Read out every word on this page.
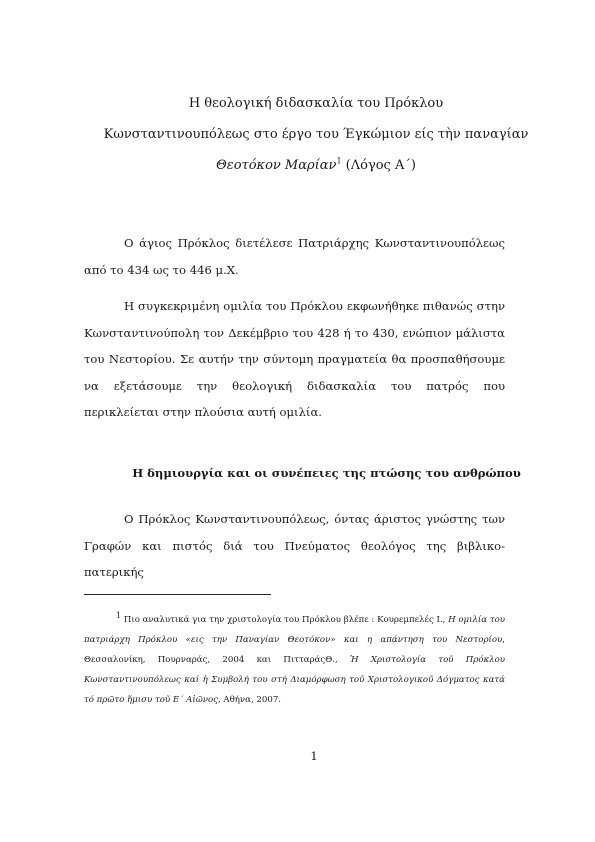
Η θεολογική διδασκαλία του Πρόκλου
Κωνσταντινουπόλεως στο έργο του Έγκώμιον είς τὴν παναγίαν
Θεοτόκον Μαρίαν$^1$ (Λόγος Α΄)
Ο άγιος Πρόκλος διετέλεσε Πατριάρχης Κωνσταντινουπόλεως από το 434 ως το 446 μ.Χ.
Η συγκεκριμένη ομιλία του Πρόκλου εκφωνήθηκε πιθανώς στην Κωνσταντινούπολη τον Δεκέμβριο του 428 ή το 430, ενώπιον μάλιστα του Νεστορίου. Σε αυτήν την σύντομη πραγματεία θα προσπαθήσουμε να εξετάσουμε την θεολογική διδασκαλία του πατρός που περικλείεται στην πλούσια αυτή ομιλία.
Η δημιουργία και οι συνέπειες της πτώσης του ανθρώπου
Ο Πρόκλος Κωνσταντινουπόλεως, όντας άριστος γνώστης των Γραφών και πιστός διά του Πνεύματος θεολόγος της βιβλικο-πατερικής
$^1$ Πιο αναλυτικά για την χριστολογία του Πρόκλου βλέπε : Κουρεμπελές Ι., Η ομιλία του πατριάρχη Πρόκλου «εις την Παναγίαν Θεοτόκον» και η απάντηση του Νεστορίου, Θεσσαλονίκη, Πουρναράς, 2004 και ΠιτταράςΘ., Ἡ Χριστολογία τοῦ Πρόκλου Κωνσταντινουπόλεως καί ἡ Συμβολή του στή Διαμόρφωση τοῦ Χριστολογικοῦ Δόγματος κατά τό πρῶτο ἥμισυ τοῦ Ε΄ Αἰῶνος, Αθήνα, 2007.
1
